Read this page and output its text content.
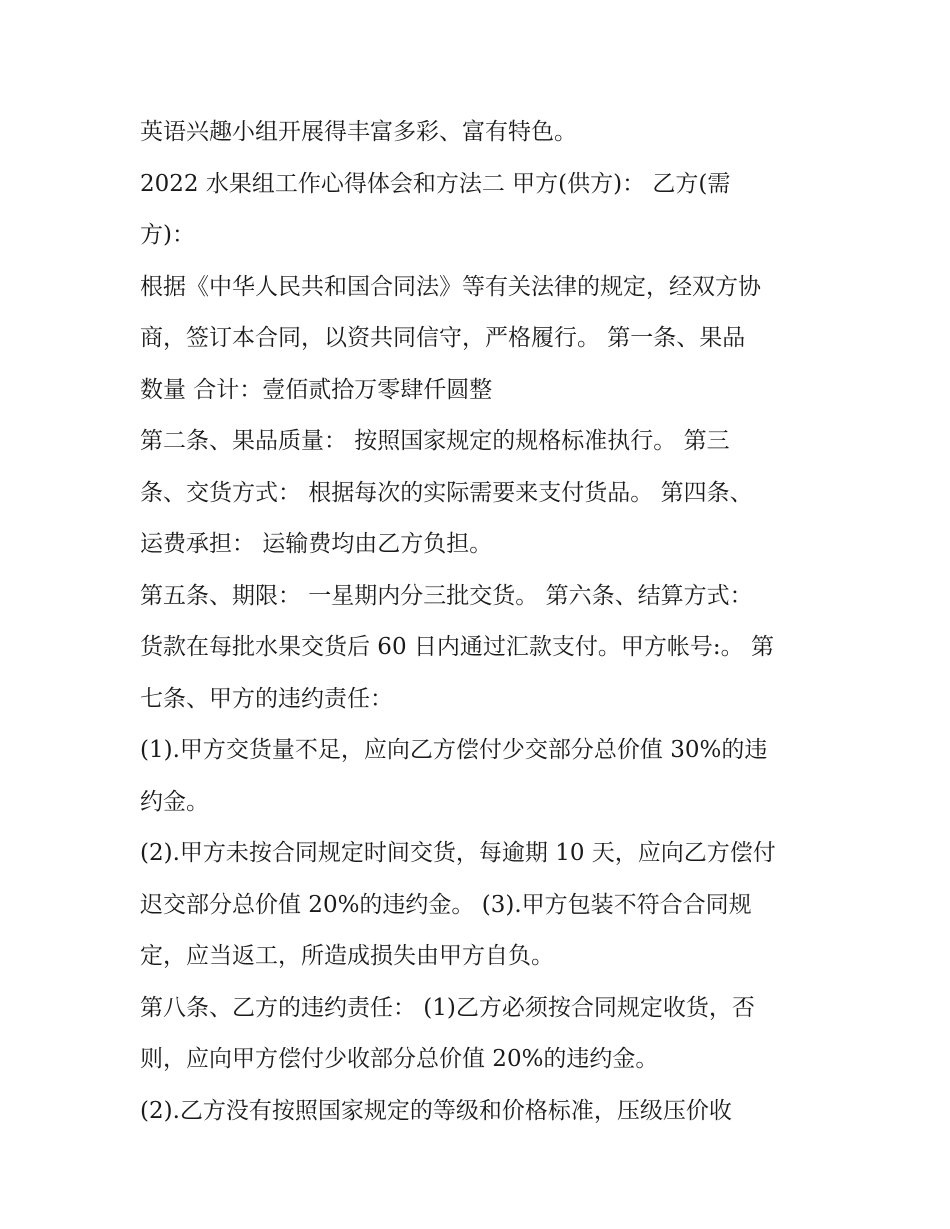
英语兴趣小组开展得丰富多彩、富有特色。
2022 水果组工作心得体会和方法二 甲方(供方)： 乙方(需
方)：
根据《中华人民共和国合同法》等有关法律的规定，经双方协
商，签订本合同，以资共同信守，严格履行。 第一条、果品
数量 合计：壹佰贰拾万零肆仟圆整
第二条、果品质量： 按照国家规定的规格标准执行。 第三
条、交货方式： 根据每次的实际需要来支付货品。 第四条、
运费承担： 运输费均由乙方负担。
第五条、期限： 一星期内分三批交货。 第六条、结算方式：
货款在每批水果交货后 60 日内通过汇款支付。甲方帐号:。 第
七条、甲方的违约责任：
(1).甲方交货量不足，应向乙方偿付少交部分总价值 30%的违
约金。
(2).甲方未按合同规定时间交货，每逾期 10 天，应向乙方偿付
迟交部分总价值 20%的违约金。 (3).甲方包装不符合合同规
定，应当返工，所造成损失由甲方自负。
第八条、乙方的违约责任： (1)乙方必须按合同规定收货，否
则，应向甲方偿付少收部分总价值 20%的违约金。
(2).乙方没有按照国家规定的等级和价格标准，压级压价收
